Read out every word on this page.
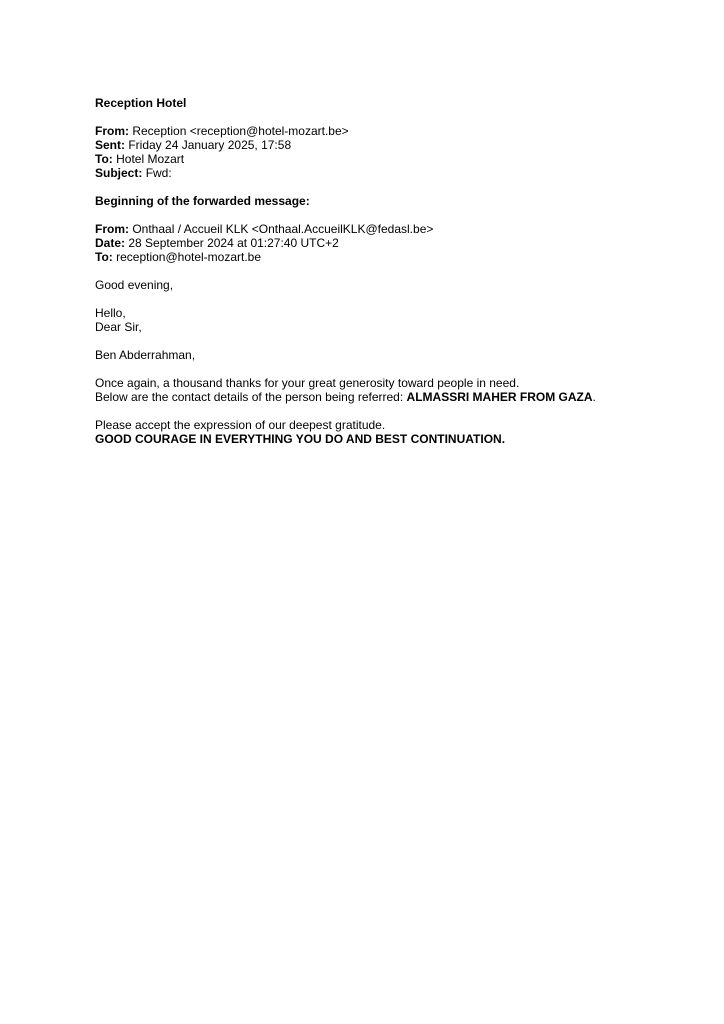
Reception Hotel
From: Reception <reception@hotel-mozart.be>
Sent: Friday 24 January 2025, 17:58
To: Hotel Mozart
Subject: Fwd:
Beginning of the forwarded message:
From: Onthaal / Accueil KLK <Onthaal.AccueilKLK@fedasl.be>
Date: 28 September 2024 at 01:27:40 UTC+2
To: reception@hotel-mozart.be
Good evening,
Hello,
Dear Sir,
Ben Abderrahman,
Once again, a thousand thanks for your great generosity toward people in need.
Below are the contact details of the person being referred: ALMASSRI MAHER FROM GAZA.
Please accept the expression of our deepest gratitude.
GOOD COURAGE IN EVERYTHING YOU DO AND BEST CONTINUATION.
